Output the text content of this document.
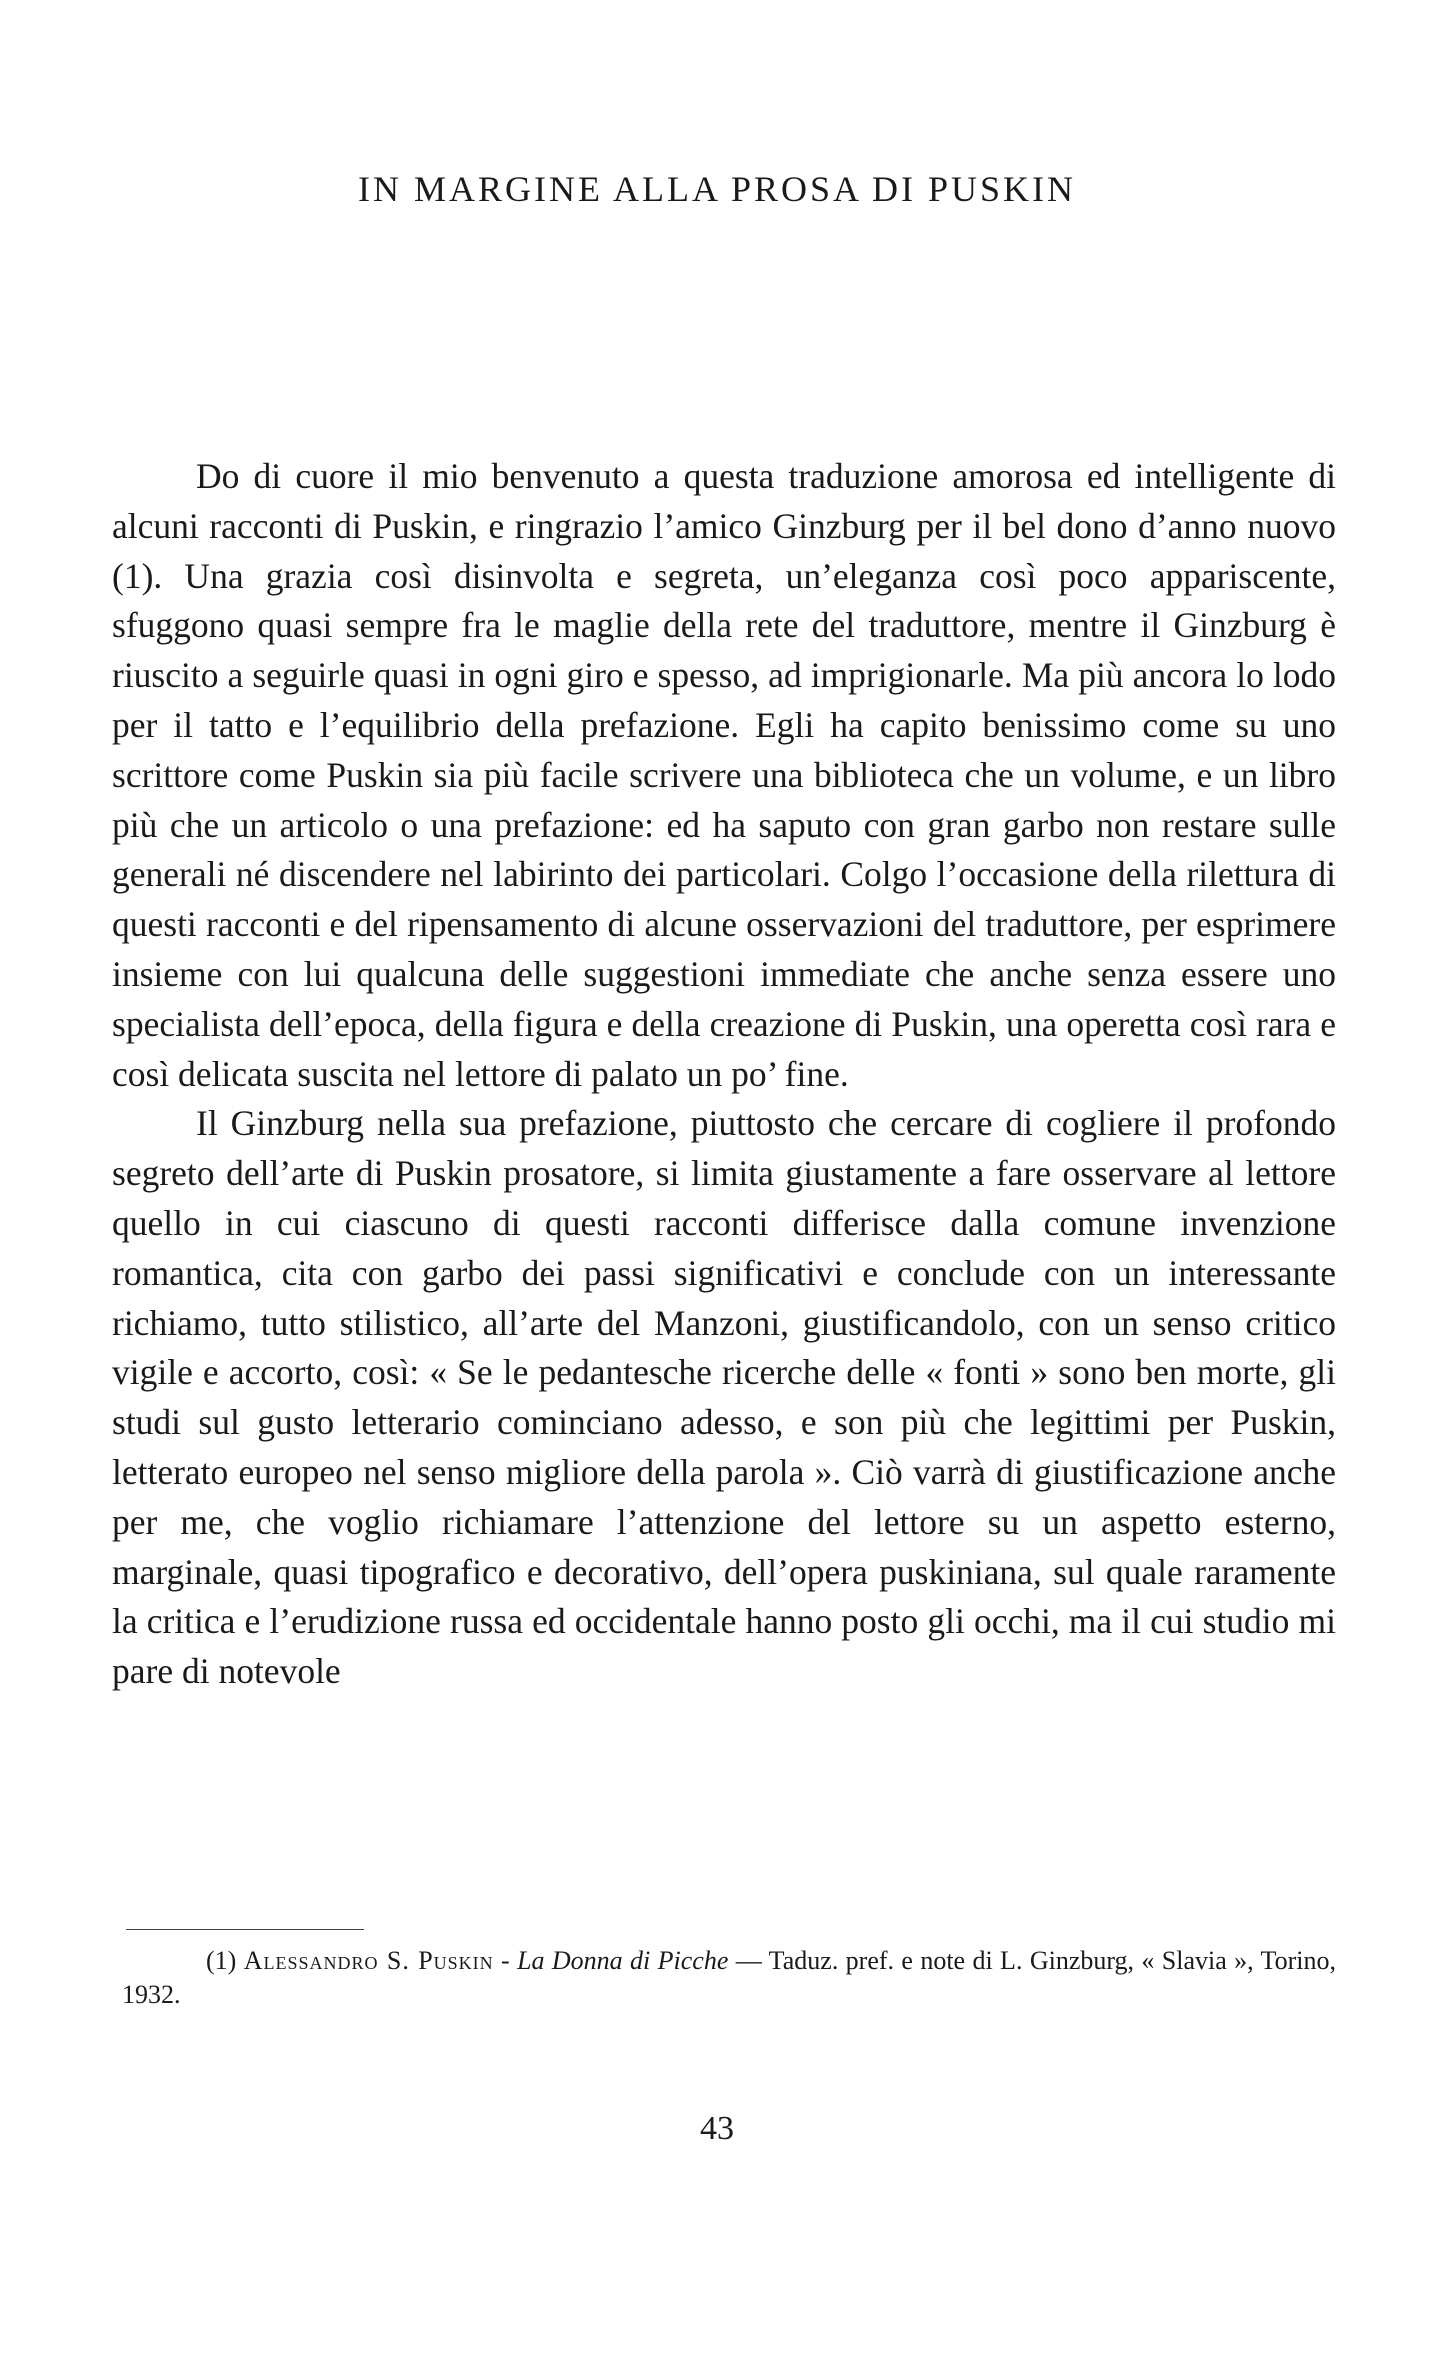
IN MARGINE ALLA PROSA DI PUSKIN

Do di cuore il mio benvenuto a questa traduzione amorosa ed intelligente di alcuni racconti di Puskin, e ringrazio l’amico Ginzburg per il bel dono d’anno nuovo (1). Una grazia così disinvolta e segreta, un’eleganza così poco appariscente, sfuggono quasi sempre fra le maglie della rete del traduttore, mentre il Ginzburg è riuscito a seguirle quasi in ogni giro e spesso, ad imprigionarle. Ma più ancora lo lodo per il tatto e l’equilibrio della prefazione. Egli ha capito benissimo come su uno scrittore come Puskin sia più facile scrivere una biblioteca che un volume, e un libro più che un articolo o una prefazione: ed ha saputo con gran garbo non restare sulle generali né discendere nel labirinto dei particolari. Colgo l’occasione della rilettura di questi racconti e del ripensamento di alcune osservazioni del traduttore, per esprimere insieme con lui qualcuna delle suggestioni immediate che anche senza essere uno specialista dell’epoca, della figura e della creazione di Puskin, una operetta così rara e così delicata suscita nel lettore di palato un po’ fine.

Il Ginzburg nella sua prefazione, piuttosto che cercare di cogliere il profondo segreto dell’arte di Puskin prosatore, si limita giustamente a fare osservare al lettore quello in cui ciascuno di questi racconti differisce dalla comune invenzione romantica, cita con garbo dei passi significativi e conclude con un interessante richiamo, tutto stilistico, all’arte del Manzoni, giustificandolo, con un senso critico vigile e accorto, così: « Se le pedantesche ricerche delle « fonti » sono ben morte, gli studi sul gusto letterario cominciano adesso, e son più che legittimi per Puskin, letterato europeo nel senso migliore della parola ». Ciò varrà di giustificazione anche per me, che voglio richiamare l’attenzione del lettore su un aspetto esterno, marginale, quasi tipografico e decorativo, dell’opera puskiniana, sul quale raramente la critica e l’erudizione russa ed occidentale hanno posto gli occhi, ma il cui studio mi pare di notevole

(1) Alessandro S. Puskin - La Donna di Picche — Taduz. pref. e note di L. Ginzburg, « Slavia », Torino, 1932.

43
